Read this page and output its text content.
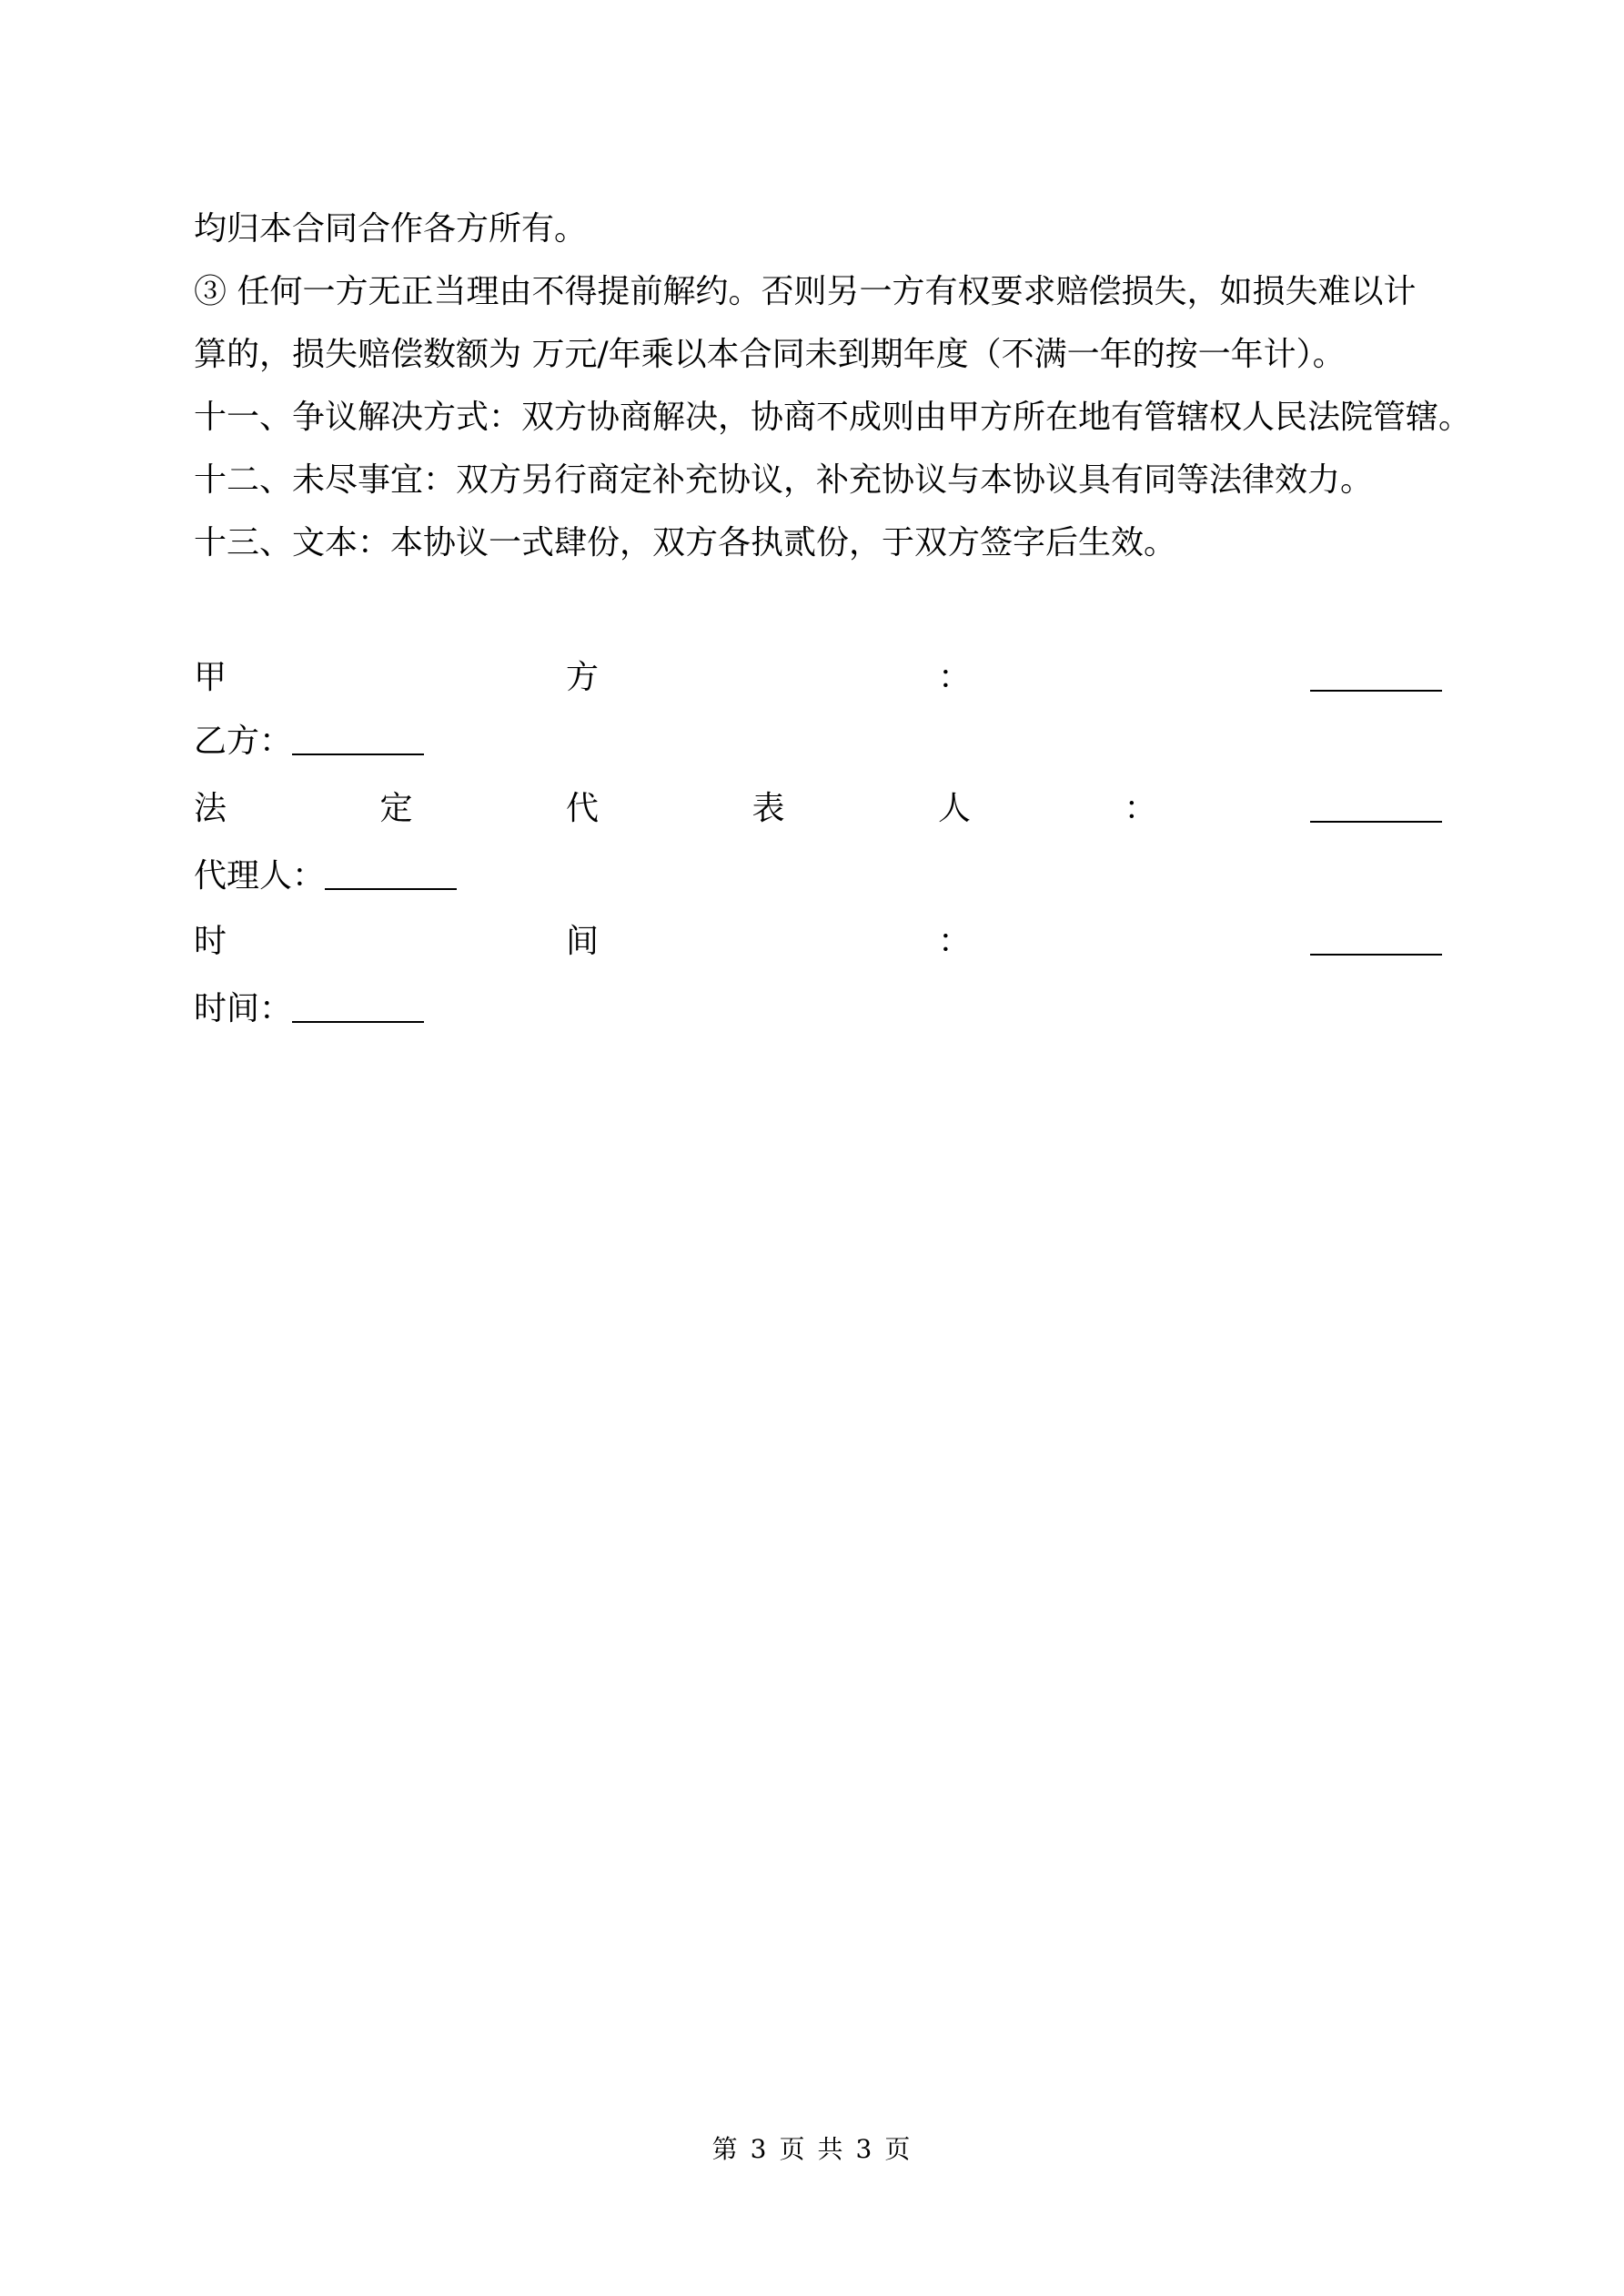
均归本合同合作各方所有。
③ 任何一方无正当理由不得提前解约。否则另一方有权要求赔偿损失，如损失难以计算的，损失赔偿数额为 万元/年乘以本合同未到期年度（不满一年的按一年计）。
十一、争议解决方式：双方协商解决，协商不成则由甲方所在地有管辖权人民法院管辖。
十二、未尽事宜：双方另行商定补充协议，补充协议与本协议具有同等法律效力。
十三、文本：本协议一式肆份，双方各执贰份，于双方签字后生效。
甲	方	：
乙方：
法	定	代	表	人	：
代理人：
时	间	：
时间：
第 3 页 共 3 页
